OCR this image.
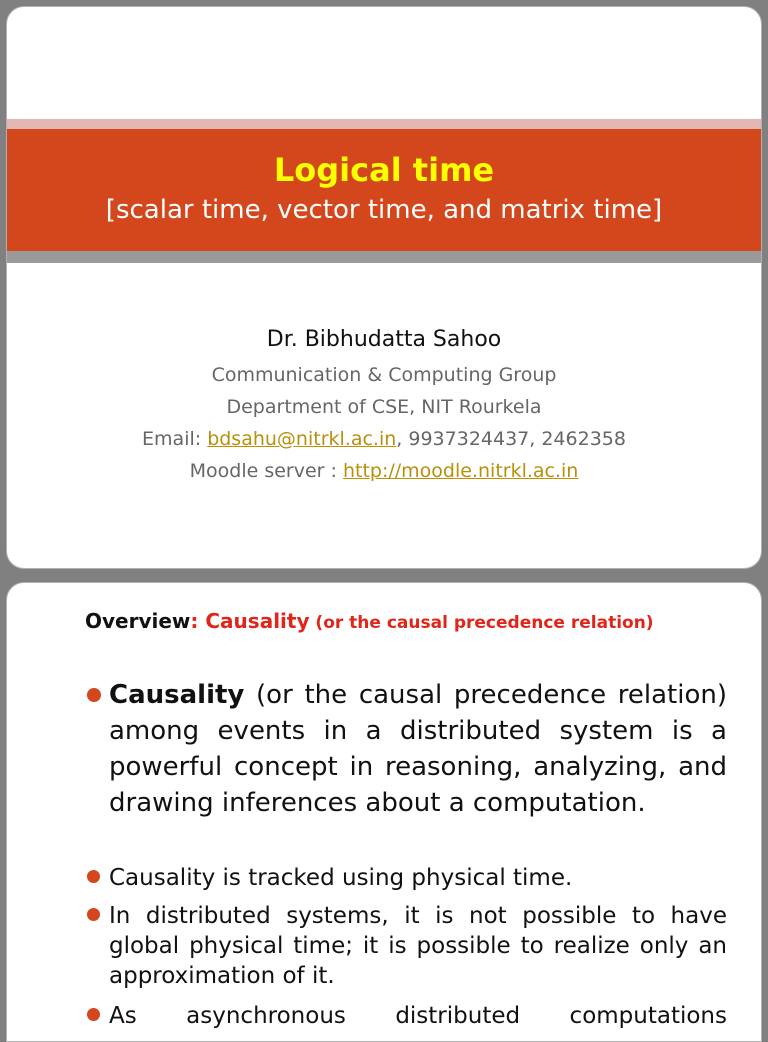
Logical time
[scalar time, vector time, and matrix time]
Dr. Bibhudatta Sahoo
Communication & Computing Group
Department of CSE, NIT Rourkela
Email: bdsahu@nitrkl.ac.in, 9937324437, 2462358
Moodle server : http://moodle.nitrkl.ac.in
Overview: Causality (or the causal precedence relation)
Causality (or the causal precedence relation) among events in a distributed system is a powerful concept in reasoning, analyzing, and drawing inferences about a computation.
Causality is tracked using physical time.
In distributed systems, it is not possible to have global physical time; it is possible to realize only an approximation of it.
As asynchronous distributed computations
